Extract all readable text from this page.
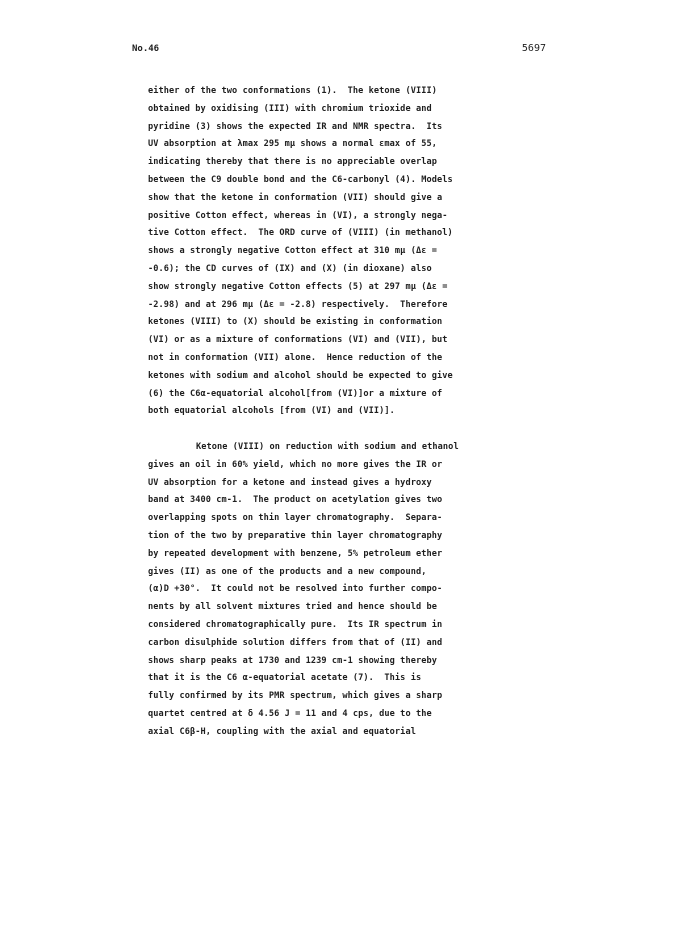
No.46	5697
either of the two conformations (1).  The ketone (VIII)
obtained by oxidising (III) with chromium trioxide and
pyridine (3) shows the expected IR and NMR spectra.  Its
UV absorption at λmax 295 mμ shows a normal εmax of 55,
indicating thereby that there is no appreciable overlap
between the C9 double bond and the C6-carbonyl (4). Models
show that the ketone in conformation (VII) should give a
positive Cotton effect, whereas in (VI), a strongly nega-
tive Cotton effect.  The ORD curve of (VIII) (in methanol)
shows a strongly negative Cotton effect at 310 mμ (Δε =
-0.6); the CD curves of (IX) and (X) (in dioxane) also
show strongly negative Cotton effects (5) at 297 mμ (Δε =
-2.98) and at 296 mμ (Δε = -2.8) respectively.  Therefore
ketones (VIII) to (X) should be existing in conformation
(VI) or as a mixture of conformations (VI) and (VII), but
not in conformation (VII) alone.  Hence reduction of the
ketones with sodium and alcohol should be expected to give
(6) the C6α-equatorial alcohol[from (VI)]or a mixture of
both equatorial alcohols [from (VI) and (VII)].
Ketone (VIII) on reduction with sodium and ethanol
gives an oil in 60% yield, which no more gives the IR or
UV absorption for a ketone and instead gives a hydroxy
band at 3400 cm-1.  The product on acetylation gives two
overlapping spots on thin layer chromatography.  Separa-
tion of the two by preparative thin layer chromatography
by repeated development with benzene, 5% petroleum ether
gives (II) as one of the products and a new compound,
(α)D +30°.  It could not be resolved into further compo-
nents by all solvent mixtures tried and hence should be
considered chromatographically pure.  Its IR spectrum in
carbon disulphide solution differs from that of (II) and
shows sharp peaks at 1730 and 1239 cm-1 showing thereby
that it is the C6 α-equatorial acetate (7).  This is
fully confirmed by its PMR spectrum, which gives a sharp
quartet centred at δ 4.56 J = 11 and 4 cps, due to the
axial C6β-H, coupling with the axial and equatorial
